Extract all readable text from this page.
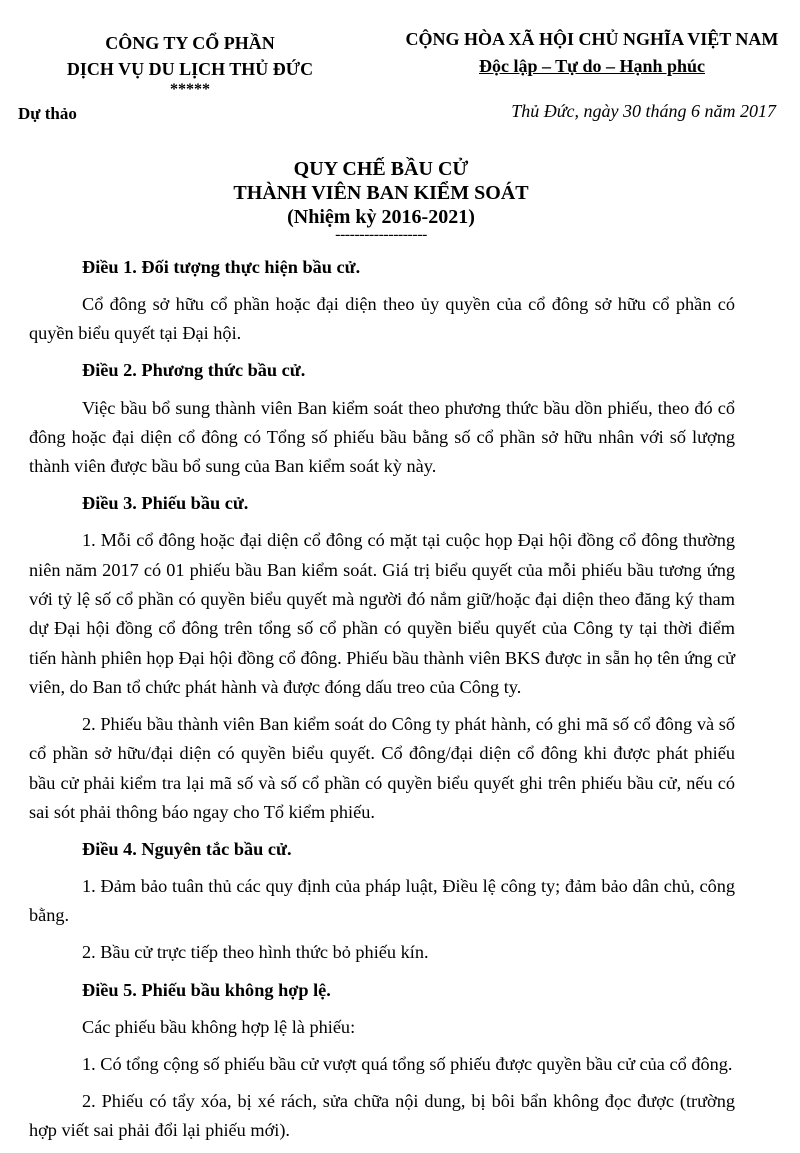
CÔNG TY CỔ PHẦN
DỊCH VỤ DU LỊCH THỦ ĐỨC
*****
CỘNG HÒA XÃ HỘI CHỦ NGHĨA VIỆT NAM
Độc lập – Tự do – Hạnh phúc
Dự thảo	Thủ Đức, ngày 30 tháng 6 năm 2017
QUY CHẾ BẦU CỬ
THÀNH VIÊN BAN KIỂM SOÁT
(Nhiệm kỳ 2016-2021)
-------------------

Điều 1. Đối tượng thực hiện bầu cử.

Cổ đông sở hữu cổ phần hoặc đại diện theo ủy quyền của cổ đông sở hữu cổ phần có quyền biểu quyết tại Đại hội.

Điều 2. Phương thức bầu cử.

Việc bầu bổ sung thành viên Ban kiểm soát theo phương thức bầu dồn phiếu, theo đó cổ đông hoặc đại diện cổ đông có Tổng số phiếu bầu bằng số cổ phần sở hữu nhân với số lượng thành viên được bầu bổ sung của Ban kiểm soát kỳ này.

Điều 3. Phiếu bầu cử.

1. Mỗi cổ đông hoặc đại diện cổ đông có mặt tại cuộc họp Đại hội đồng cổ đông thường niên năm 2017 có 01 phiếu bầu Ban kiểm soát. Giá trị biểu quyết của mỗi phiếu bầu tương ứng với tỷ lệ số cổ phần có quyền biểu quyết mà người đó nắm giữ/hoặc đại diện theo đăng ký tham dự Đại hội đồng cổ đông trên tổng số cổ phần có quyền biểu quyết của Công ty tại thời điểm tiến hành phiên họp Đại hội đồng cổ đông. Phiếu bầu thành viên BKS được in sẵn họ tên ứng cử viên, do Ban tổ chức phát hành và được đóng dấu treo của Công ty.

2. Phiếu bầu thành viên Ban kiểm soát do Công ty phát hành, có ghi mã số cổ đông và số cổ phần sở hữu/đại diện có quyền biểu quyết. Cổ đông/đại diện cổ đông khi được phát phiếu bầu cử phải kiểm tra lại mã số và số cổ phần có quyền biểu quyết ghi trên phiếu bầu cử, nếu có sai sót phải thông báo ngay cho Tổ kiểm phiếu.

Điều 4. Nguyên tắc bầu cử.

1. Đảm bảo tuân thủ các quy định của pháp luật, Điều lệ công ty; đảm bảo dân chủ, công bằng.

2. Bầu cử trực tiếp theo hình thức bỏ phiếu kín.

Điều 5. Phiếu bầu không hợp lệ.

Các phiếu bầu không hợp lệ là phiếu:

1. Có tổng cộng số phiếu bầu cử vượt quá tổng số phiếu được quyền bầu cử của cổ đông.

2. Phiếu có tẩy xóa, bị xé rách, sửa chữa nội dung, bị bôi bẩn không đọc được (trường hợp viết sai phải đổi lại phiếu mới).
